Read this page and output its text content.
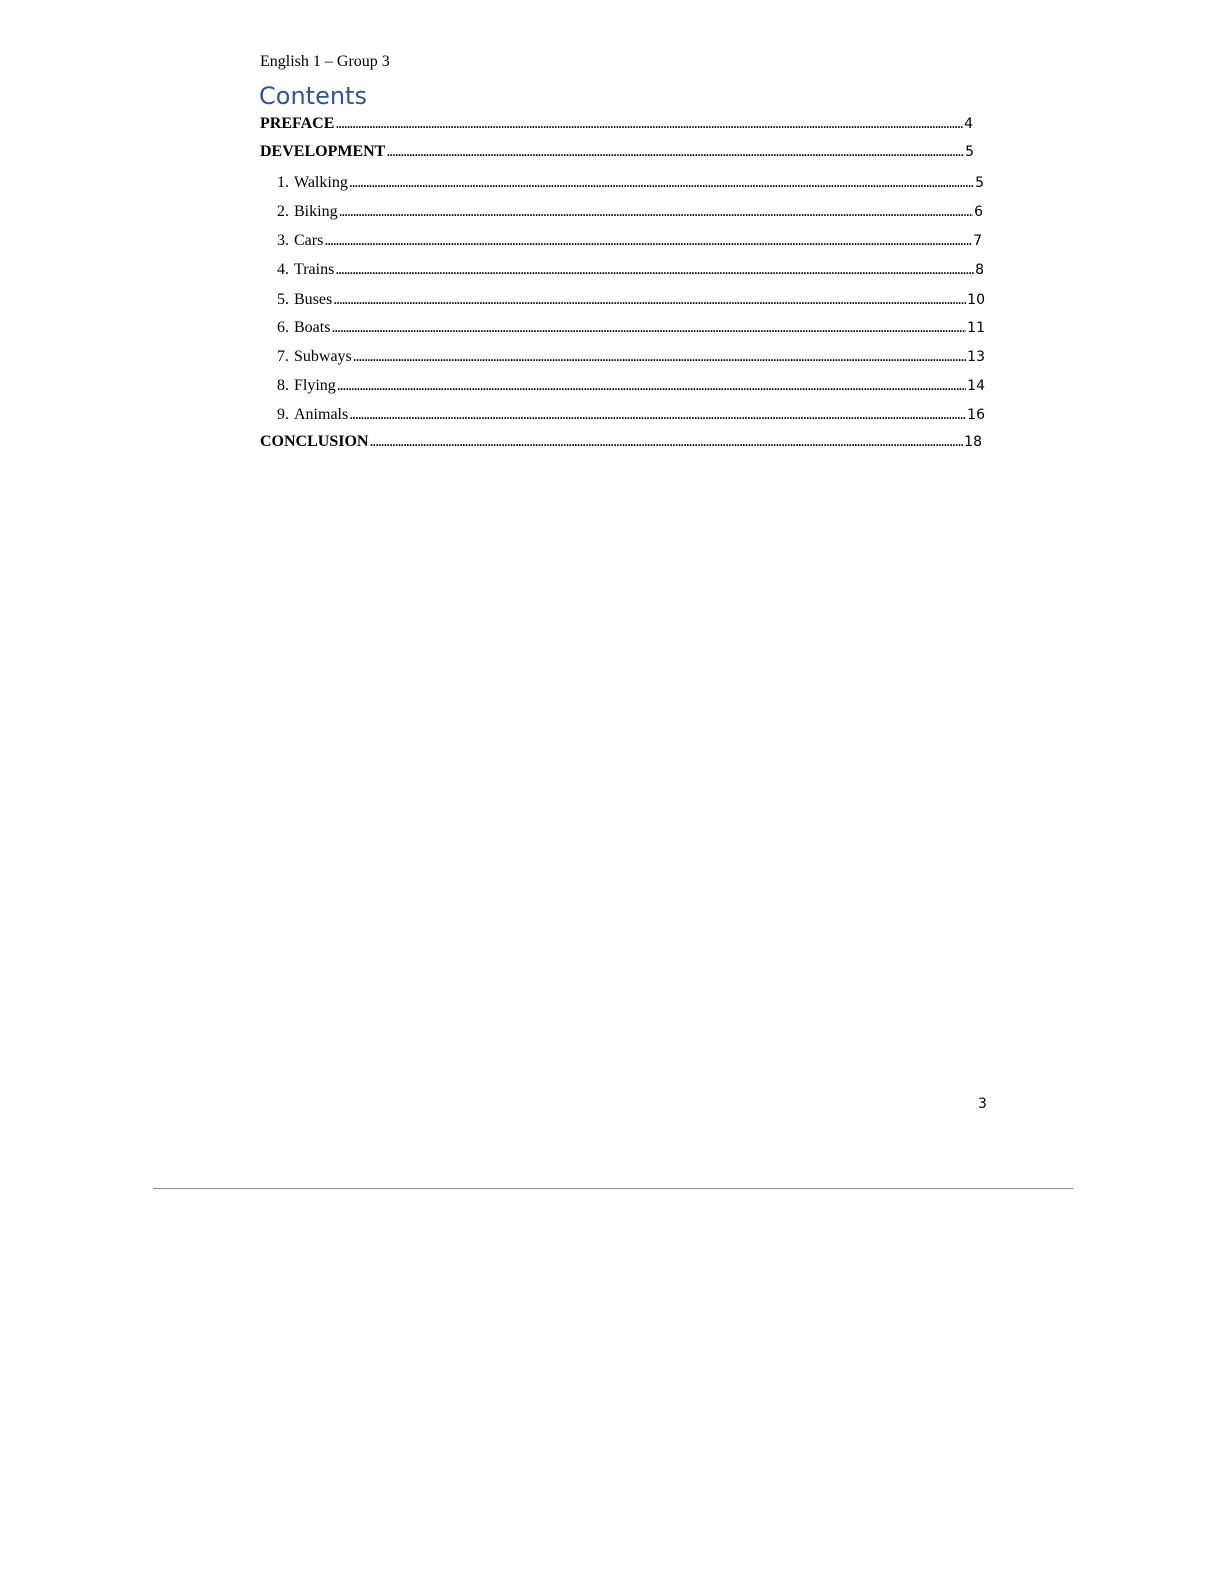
English 1 – Group 3
Contents
PREFACE . . .	4
DEVELOPMENT . . .	5
1. Walking . . .	5
2. Biking . . .	6
3. Cars . . .	7
4. Trains . . .	8
5. Buses . . .	10
6. Boats . . .	11
7. Subways . . .	13
8. Flying . . .	14
9. Animals . . .	16
CONCLUSION . . .	18
3
